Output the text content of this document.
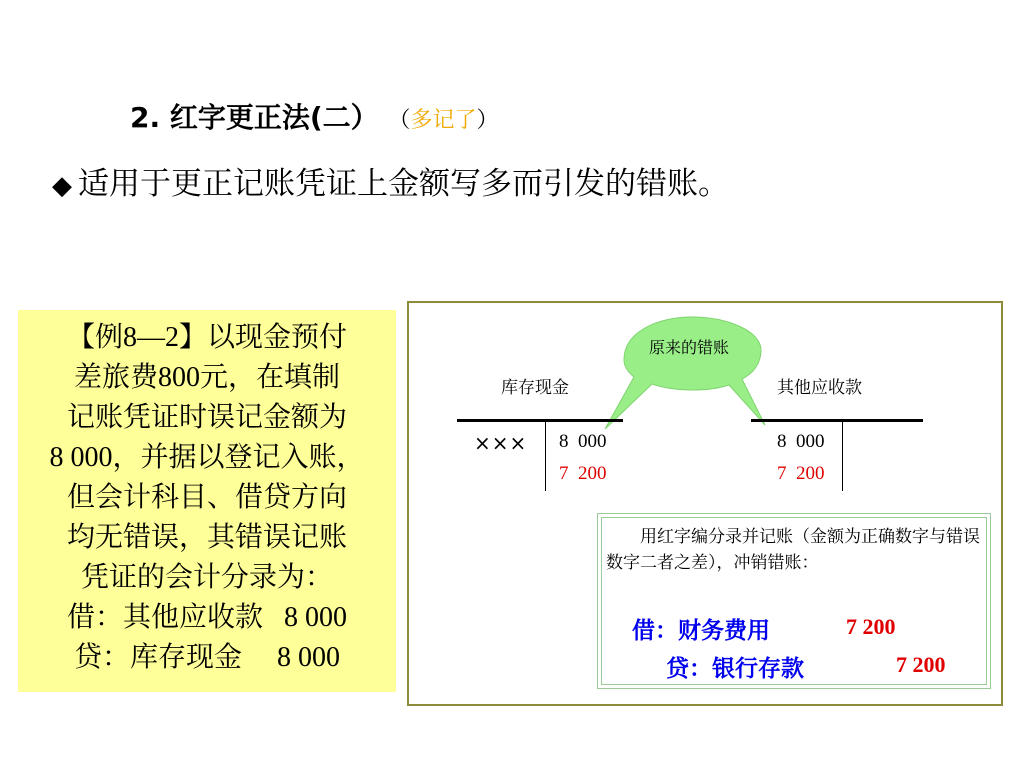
2. 红字更正法(二） （多记了）
◆ 适用于更正记账凭证上金额写多而引发的错账。
【例8—2】以现金预付
差旅费800元，在填制
记账凭证时误记金额为
8 000，并据以登记入账，
但会计科目、借贷方向
均无错误，其错误记账
凭证的会计分录为：
借：其他应收款   8 000
贷：库存现金     8 000
原来的错账
库存现金
××× 8  000
7  200
其他应收款
8  000
7  200
用红字编分录并记账（金额为正确数字与错误数字二者之差），冲销错账：
借：财务费用	7 200
贷：银行存款	7 200
